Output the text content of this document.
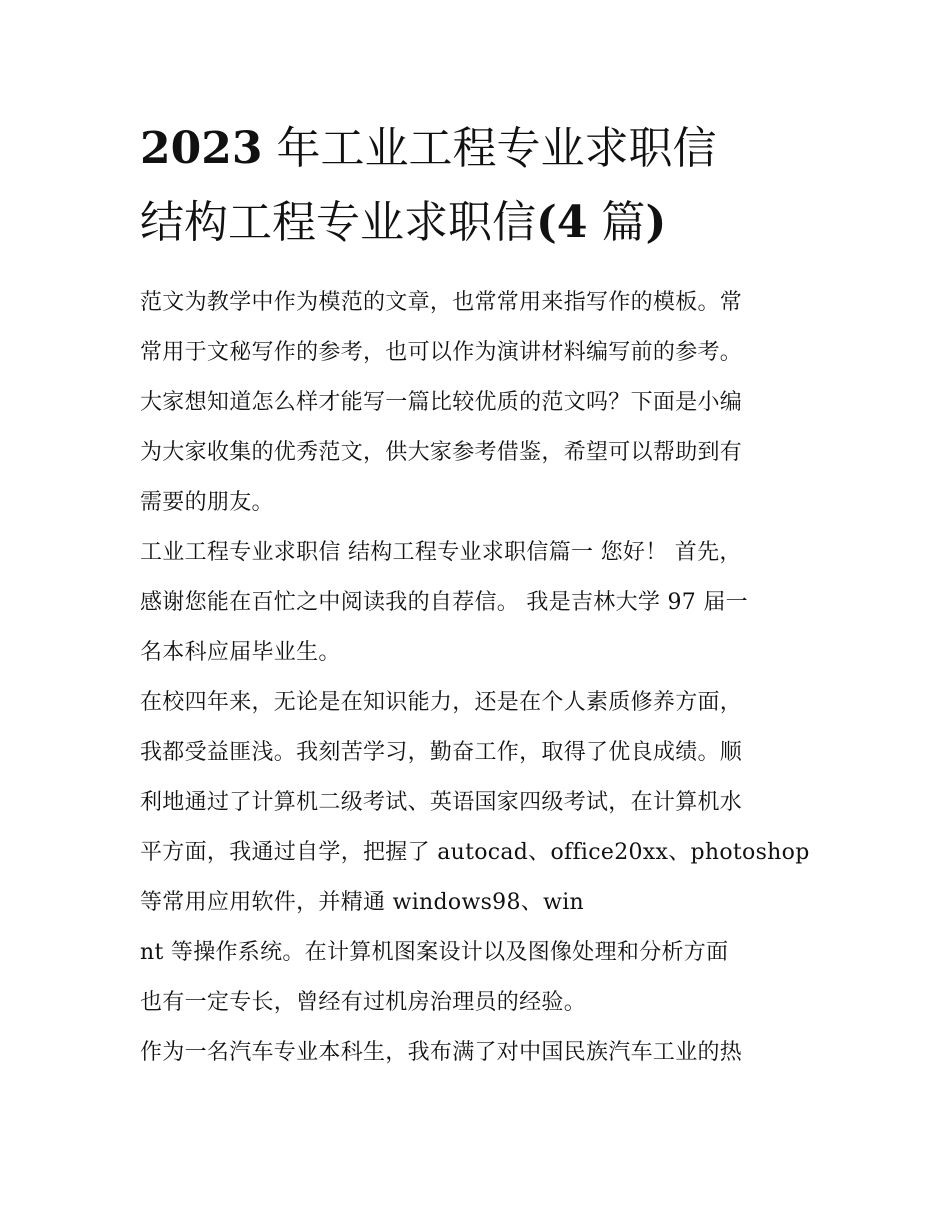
2023 年工业工程专业求职信
结构工程专业求职信(4 篇)
范文为教学中作为模范的文章，也常常用来指写作的模板。常
常用于文秘写作的参考，也可以作为演讲材料编写前的参考。
大家想知道怎么样才能写一篇比较优质的范文吗？下面是小编
为大家收集的优秀范文，供大家参考借鉴，希望可以帮助到有
需要的朋友。
工业工程专业求职信 结构工程专业求职信篇一 您好！ 首先，
感谢您能在百忙之中阅读我的自荐信。 我是吉林大学 97 届一
名本科应届毕业生。
在校四年来，无论是在知识能力，还是在个人素质修养方面，
我都受益匪浅。我刻苦学习，勤奋工作，取得了优良成绩。顺
利地通过了计算机二级考试、英语国家四级考试，在计算机水
平方面，我通过自学，把握了 autocad、office20xx、photoshop
等常用应用软件，并精通 windows98、win
nt 等操作系统。在计算机图案设计以及图像处理和分析方面
也有一定专长，曾经有过机房治理员的经验。
作为一名汽车专业本科生，我布满了对中国民族汽车工业的热
